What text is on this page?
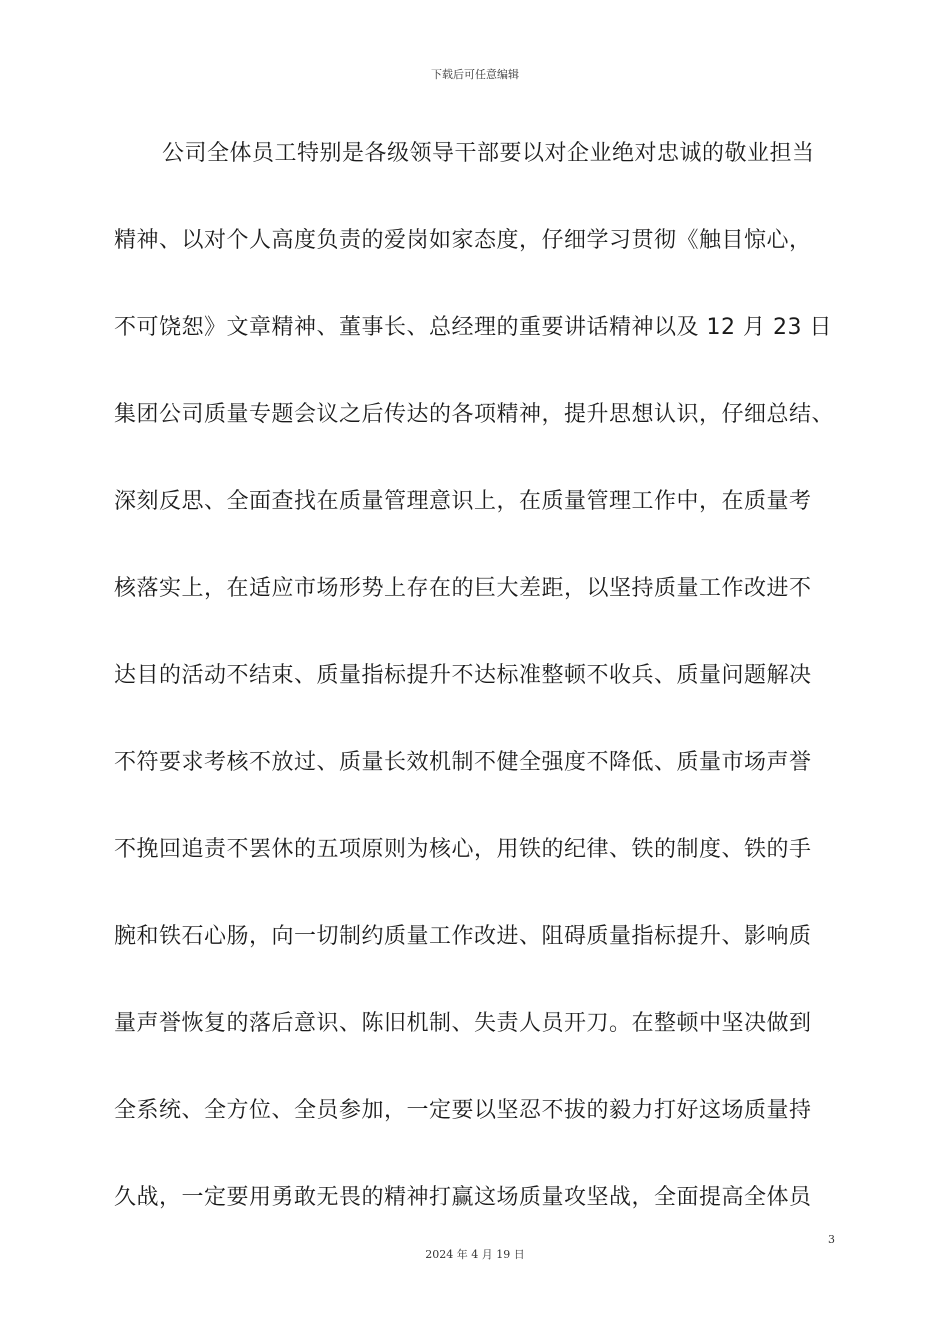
下载后可任意编辑
公司全体员工特别是各级领导干部要以对企业绝对忠诚的敬业担当
精神、以对个人高度负责的爱岗如家态度，仔细学习贯彻《触目惊心，
不可饶恕》文章精神、董事长、总经理的重要讲话精神以及 12 月 23 日
集团公司质量专题会议之后传达的各项精神，提升思想认识，仔细总结、
深刻反思、全面查找在质量管理意识上，在质量管理工作中，在质量考
核落实上，在适应市场形势上存在的巨大差距，以坚持质量工作改进不
达目的活动不结束、质量指标提升不达标准整顿不收兵、质量问题解决
不符要求考核不放过、质量长效机制不健全强度不降低、质量市场声誉
不挽回追责不罢休的五项原则为核心，用铁的纪律、铁的制度、铁的手
腕和铁石心肠，向一切制约质量工作改进、阻碍质量指标提升、影响质
量声誉恢复的落后意识、陈旧机制、失责人员开刀。在整顿中坚决做到
全系统、全方位、全员参加，一定要以坚忍不拔的毅力打好这场质量持
久战，一定要用勇敢无畏的精神打赢这场质量攻坚战，全面提高全体员
3
2024 年 4 月 19 日
